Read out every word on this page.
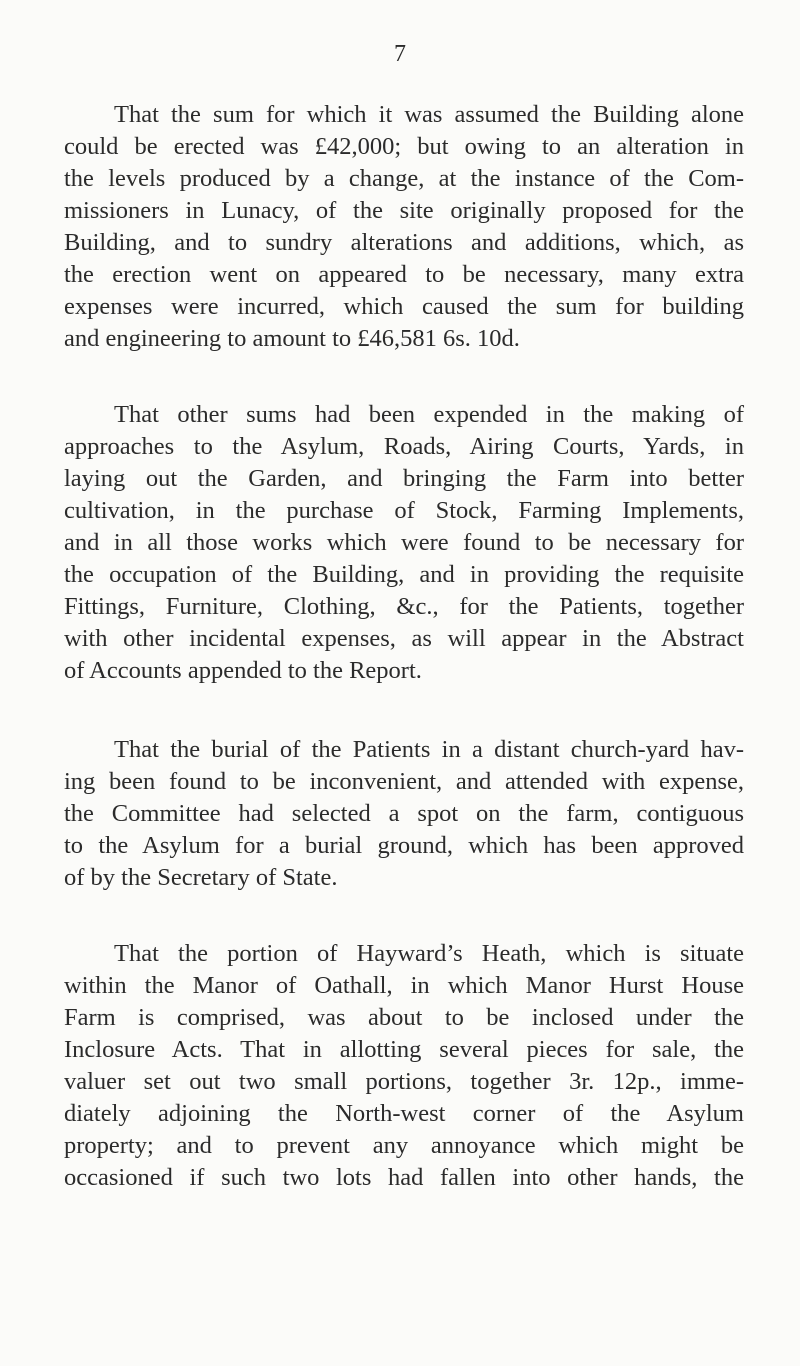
7
That the sum for which it was assumed the Building alone
could be erected was £42,000; but owing to an alteration in
the levels produced by a change, at the instance of the Com-
missioners in Lunacy, of the site originally proposed for the
Building, and to sundry alterations and additions, which, as
the erection went on appeared to be necessary, many extra
expenses were incurred, which caused the sum for building
and engineering to amount to £46,581 6s. 10d.
That other sums had been expended in the making of
approaches to the Asylum, Roads, Airing Courts, Yards, in
laying out the Garden, and bringing the Farm into better
cultivation, in the purchase of Stock, Farming Implements,
and in all those works which were found to be necessary for
the occupation of the Building, and in providing the requisite
Fittings, Furniture, Clothing, &c., for the Patients, together
with other incidental expenses, as will appear in the Abstract
of Accounts appended to the Report.
That the burial of the Patients in a distant church-yard hav-
ing been found to be inconvenient, and attended with expense,
the Committee had selected a spot on the farm, contiguous
to the Asylum for a burial ground, which has been approved
of by the Secretary of State.
That the portion of Hayward’s Heath, which is situate
within the Manor of Oathall, in which Manor Hurst House
Farm is comprised, was about to be inclosed under the
Inclosure Acts. That in allotting several pieces for sale, the
valuer set out two small portions, together 3r. 12p., imme-
diately adjoining the North-west corner of the Asylum
property; and to prevent any annoyance which might be
occasioned if such two lots had fallen into other hands, the
